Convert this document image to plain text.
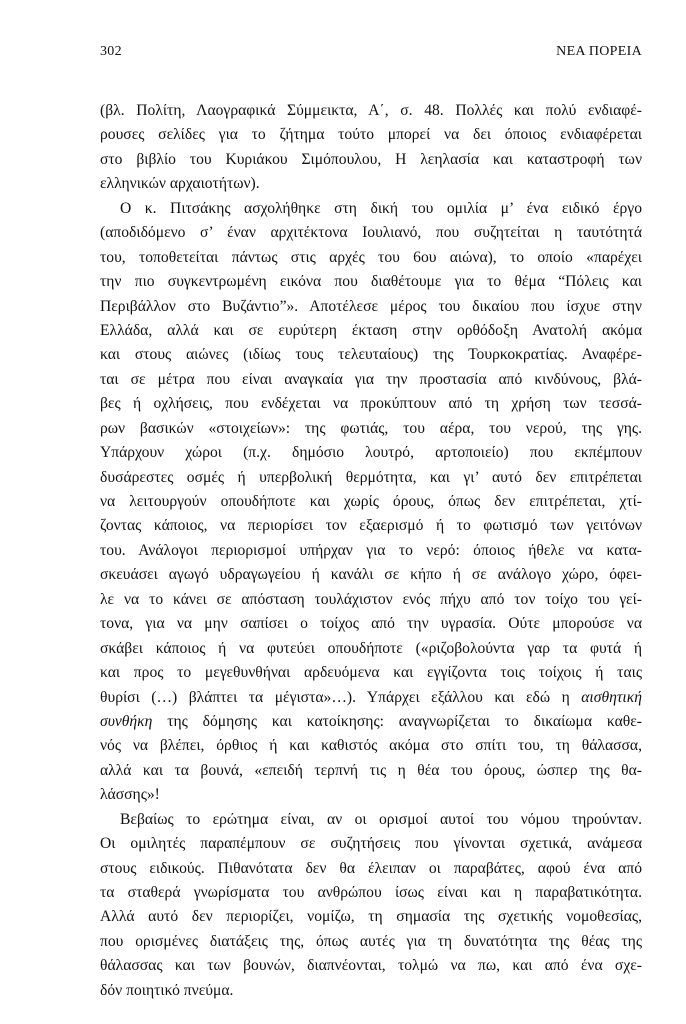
302	ΝΕΑ ΠΟΡΕΙΑ
(βλ. Πολίτη, Λαογραφικά Σύμμεικτα, Α΄, σ. 48. Πολλές και πολύ ενδιαφέ-
ρουσες σελίδες για το ζήτημα τούτο μπορεί να δει όποιος ενδιαφέρεται
στο βιβλίο του Κυριάκου Σιμόπουλου, Η λεηλασία και καταστροφή των
ελληνικών αρχαιοτήτων).
Ο κ. Πιτσάκης ασχολήθηκε στη δική του ομιλία μ’ ένα ειδικό έργο
(αποδιδόμενο σ’ έναν αρχιτέκτονα Ιουλιανό, που συζητείται η ταυτότητά
του, τοποθετείται πάντως στις αρχές του 6ου αιώνα), το οποίο «παρέχει
την πιο συγκεντρωμένη εικόνα που διαθέτουμε για το θέμα “Πόλεις και
Περιβάλλον στο Βυζάντιο”». Αποτέλεσε μέρος του δικαίου που ίσχυε στην
Ελλάδα, αλλά και σε ευρύτερη έκταση στην ορθόδοξη Ανατολή ακόμα
και στους αιώνες (ιδίως τους τελευταίους) της Τουρκοκρατίας. Αναφέρε-
ται σε μέτρα που είναι αναγκαία για την προστασία από κινδύνους, βλά-
βες ή οχλήσεις, που ενδέχεται να προκύπτουν από τη χρήση των τεσσά-
ρων βασικών «στοιχείων»: της φωτιάς, του αέρα, του νερού, της γης.
Υπάρχουν χώροι (π.χ. δημόσιο λουτρό, αρτοποιείο) που εκπέμπουν
δυσάρεστες οσμές ή υπερβολική θερμότητα, και γι’ αυτό δεν επιτρέπεται
να λειτουργούν οπουδήποτε και χωρίς όρους, όπως δεν επιτρέπεται, χτί-
ζοντας κάποιος, να περιορίσει τον εξαερισμό ή το φωτισμό των γειτόνων
του. Ανάλογοι περιορισμοί υπήρχαν για το νερό: όποιος ήθελε να κατα-
σκευάσει αγωγό υδραγωγείου ή κανάλι σε κήπο ή σε ανάλογο χώρο, όφει-
λε να το κάνει σε απόσταση τουλάχιστον ενός πήχυ από τον τοίχο του γεί-
τονα, για να μην σαπίσει ο τοίχος από την υγρασία. Ούτε μπορούσε να
σκάβει κάποιος ή να φυτεύει οπουδήποτε («ριζοβολούντα γαρ τα φυτά ή
και προς το μεγεθυνθήναι αρδευόμενα και εγγίζοντα τοις τοίχοις ή ταις
θυρίσι (…) βλάπτει τα μέγιστα»…). Υπάρχει εξάλλου και εδώ η αισθητική
συνθήκη της δόμησης και κατοίκησης: αναγνωρίζεται το δικαίωμα καθε-
νός να βλέπει, όρθιος ή και καθιστός ακόμα στο σπίτι του, τη θάλασσα,
αλλά και τα βουνά, «επειδή τερπνή τις η θέα του όρους, ώσπερ της θα-
λάσσης»!
Βεβαίως το ερώτημα είναι, αν οι ορισμοί αυτοί του νόμου τηρούνταν.
Οι ομιλητές παραπέμπουν σε συζητήσεις που γίνονται σχετικά, ανάμεσα
στους ειδικούς. Πιθανότατα δεν θα έλειπαν οι παραβάτες, αφού ένα από
τα σταθερά γνωρίσματα του ανθρώπου ίσως είναι και η παραβατικότητα.
Αλλά αυτό δεν περιορίζει, νομίζω, τη σημασία της σχετικής νομοθεσίας,
που ορισμένες διατάξεις της, όπως αυτές για τη δυνατότητα της θέας της
θάλασσας και των βουνών, διαπνέονται, τολμώ να πω, και από ένα σχε-
δόν ποιητικό πνεύμα.
